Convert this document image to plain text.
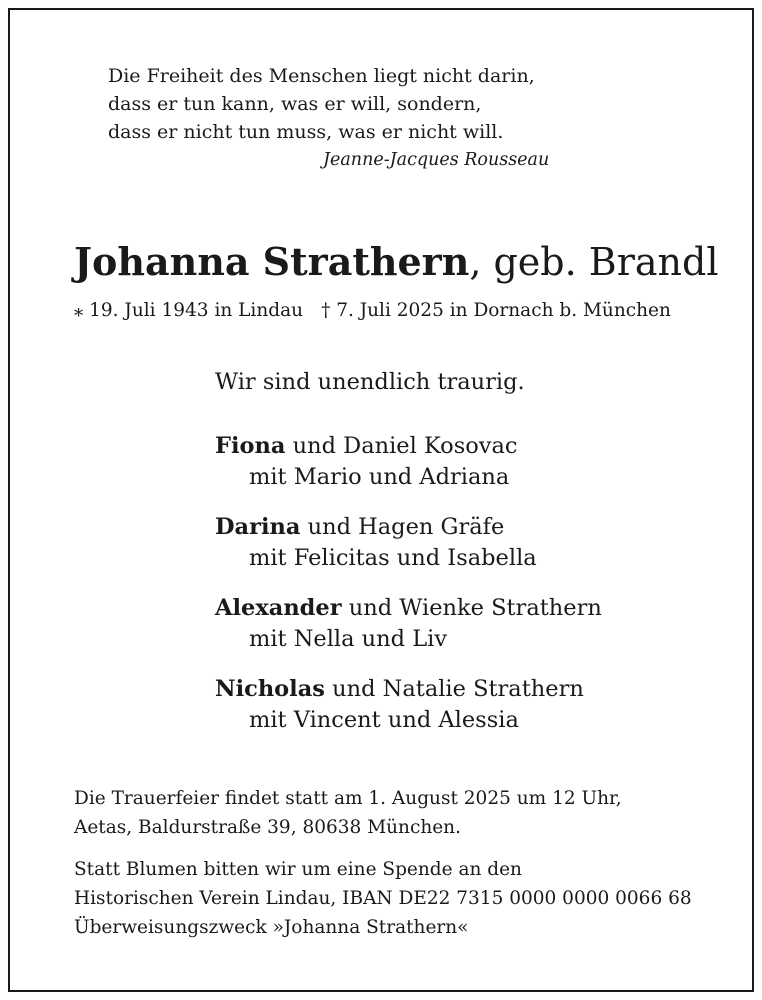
Die Freiheit des Menschen liegt nicht darin,
dass er tun kann, was er will, sondern,
dass er nicht tun muss, was er nicht will.
Jeanne-Jacques Rousseau
Johanna Strathern, geb. Brandl
⁎ 19. Juli 1943 in Lindau † 7. Juli 2025 in Dornach b. München
Wir sind unendlich traurig.
Fiona und Daniel Kosovac
mit Mario und Adriana
Darina und Hagen Gräfe
mit Felicitas und Isabella
Alexander und Wienke Strathern
mit Nella und Liv
Nicholas und Natalie Strathern
mit Vincent und Alessia
Die Trauerfeier findet statt am 1. August 2025 um 12 Uhr,
Aetas, Baldurstraße 39, 80638 München.
Statt Blumen bitten wir um eine Spende an den
Historischen Verein Lindau, IBAN DE22 7315 0000 0000 0066 68
Überweisungszweck »Johanna Strathern«
